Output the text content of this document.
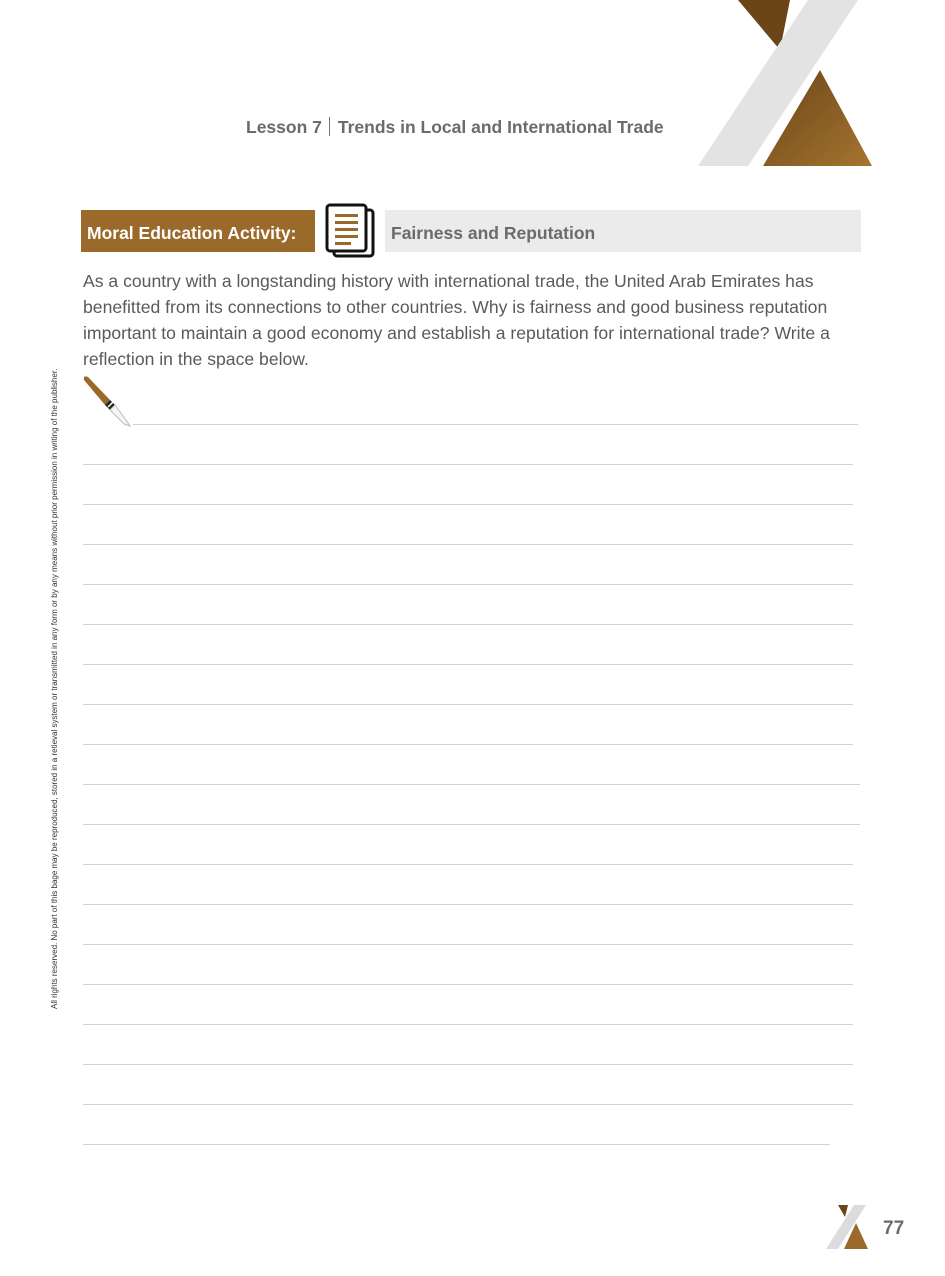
Lesson 7 Trends in Local and International Trade
Moral Education Activity:	Fairness and Reputation

As a country with a longstanding history with international trade, the United Arab Emirates has benefitted from its connections to other countries. Why is fairness and good business reputation important to maintain a good economy and establish a reputation for international trade? Write a reflection in the space below.

All rights reserved. No part of this bage may be reproduced, stored in a retieval system or transmitted in any form or by any means without prior permission in writing of the publisher.
77
